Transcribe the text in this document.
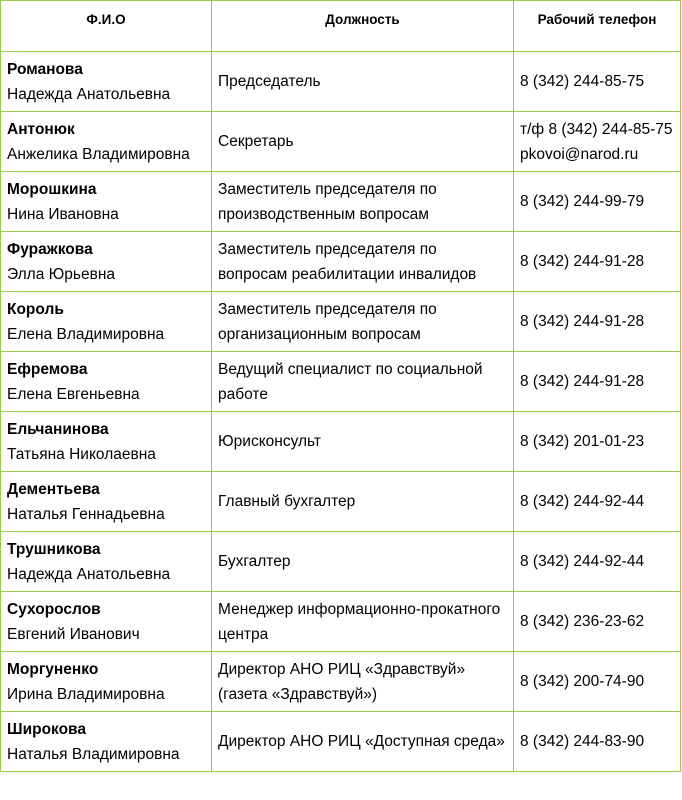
Ф.И.О	Должность	Рабочий телефон

Романова
Надежда Анатольевна	Председатель	8 (342) 244-85-75

Антонюк
Анжелика Владимировна	Секретарь	т/ф 8 (342) 244-85-75
pkovoi@narod.ru

Морошкина
Нина Ивановна	Заместитель председателя по
производственным вопросам	8 (342) 244-99-79

Фуражкова
Элла Юрьевна	Заместитель председателя по
вопросам реабилитации инвалидов	8 (342) 244-91-28

Король
Елена Владимировна	Заместитель председателя по
организационным вопросам	8 (342) 244-91-28

Ефремова
Елена Евгеньевна	Ведущий специалист по социальной
работе	8 (342) 244-91-28

Ельчанинова
Татьяна Николаевна	Юрисконсульт	8 (342) 201-01-23

Дементьева
Наталья Геннадьевна	Главный бухгалтер	8 (342) 244-92-44

Трушникова
Надежда Анатольевна	Бухгалтер	8 (342) 244-92-44

Сухорослов
Евгений Иванович	Менеджер информационно-прокатного
центра	8 (342) 236-23-62

Моргуненко
Ирина Владимировна	Директор АНО РИЦ «Здравствуй»
(газета «Здравствуй»)	8 (342) 200-74-90

Широкова
Наталья Владимировна	Директор АНО РИЦ «Доступная среда»	8 (342) 244-83-90
